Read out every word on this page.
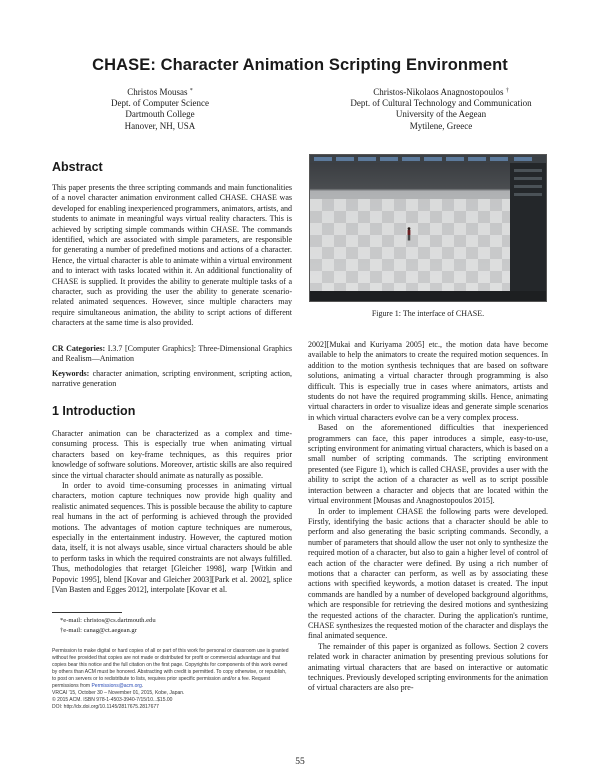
CHASE: Character Animation Scripting Environment
Christos Mousas *
Dept. of Computer Science
Dartmouth College
Hanover, NH, USA
Christos-Nikolaos Anagnostopoulos †
Dept. of Cultural Technology and Communication
University of the Aegean
Mytilene, Greece
Abstract

This paper presents the three scripting commands and main functionalities of a novel character animation environment called CHASE. CHASE was developed for enabling inexperienced programmers, animators, artists, and students to animate in meaningful ways virtual reality characters. This is achieved by scripting simple commands within CHASE. The commands identified, which are associated with simple parameters, are responsible for generating a number of predefined motions and actions of a character. Hence, the virtual character is able to animate within a virtual environment and to interact with tasks located within it. An additional functionality of CHASE is supplied. It provides the ability to generate multiple tasks of a character, such as providing the user the ability to generate scenario-related animated sequences. However, since multiple characters may require simultaneous animation, the ability to script actions of different characters at the same time is also provided.

CR Categories: I.3.7 [Computer Graphics]: Three-Dimensional Graphics and Realism—Animation

Keywords: character animation, scripting environment, scripting action, narrative generation

1 Introduction

Character animation can be characterized as a complex and time-consuming process. This is especially true when animating virtual characters based on key-frame techniques, as this requires prior knowledge of software solutions. Moreover, artistic skills are also required since the virtual character should animate as naturally as possible.

In order to avoid time-consuming processes in animating virtual characters, motion capture techniques now provide high quality and realistic animated sequences. This is possible because the ability to capture real humans in the act of performing is achieved through the provided motions. The advantages of motion capture techniques are numerous, especially in the entertainment industry. However, the captured motion data, itself, it is not always usable, since virtual characters should be able to perform tasks in which the required constraints are not always fulfilled. Thus, methodologies that retarget [Gleicher 1998], warp [Witkin and Popovic 1995], blend [Kovar and Gleicher 2003][Park et al. 2002], splice [Van Basten and Egges 2012], interpolate [Kovar et al.

*e-mail: christos@cs.dartmouth.edu
†e-mail: canag@ct.aegean.gr
Permission to make digital or hard copies of all or part of this work for personal or classroom use is granted without fee provided that copies are not made or distributed for profit or commercial advantage and that copies bear this notice and the full citation on the first page. Copyrights for components of this work owned by others than ACM must be honored. Abstracting with credit is permitted. To copy otherwise, or republish, to post on servers or to redistribute to lists, requires prior specific permission and/or a fee. Request permissions from Permissions@acm.org.
VRCAI '15, October 30 – November 01, 2015, Kobe, Japan.
© 2015 ACM. ISBN 978-1-4503-3940-7/15/10...$15.00
DOI: http://dx.doi.org/10.1145/2817675.2817677
Figure 1: The interface of CHASE.

2002][Mukai and Kuriyama 2005] etc., the motion data have become available to help the animators to create the required motion sequences. In addition to the motion synthesis techniques that are based on software solutions, animating a virtual character through programming is also difficult. This is especially true in cases where animators, artists and students do not have the required programming skills. Hence, animating virtual characters in order to visualize ideas and generate simple scenarios in which virtual characters evolve can be a very complex process.

Based on the aforementioned difficulties that inexperienced programmers can face, this paper introduces a simple, easy-to-use, scripting environment for animating virtual characters, which is based on a small number of scripting commands. The scripting environment presented (see Figure 1), which is called CHASE, provides a user with the ability to script the action of a character as well as to script possible interaction between a character and objects that are located within the virtual environment [Mousas and Anagnostopoulos 2015].

In order to implement CHASE the following parts were developed. Firstly, identifying the basic actions that a character should be able to perform and also generating the basic scripting commands. Secondly, a number of parameters that should allow the user not only to synthesize the required motion of a character, but also to gain a higher level of control of each action of the character were defined. By using a rich number of motions that a character can perform, as well as by associating these actions with specified keywords, a motion dataset is created. The input commands are handled by a number of developed background algorithms, which are responsible for retrieving the desired motions and synthesizing the requested actions of the character. During the application's runtime, CHASE synthesizes the requested motion of the character and displays the final animated sequence.

The remainder of this paper is organized as follows. Section 2 covers related work in character animation by presenting previous solutions for animating virtual characters that are based on interactive or automatic techniques. Previously developed scripting environments for the animation of virtual characters are also pre-

55
